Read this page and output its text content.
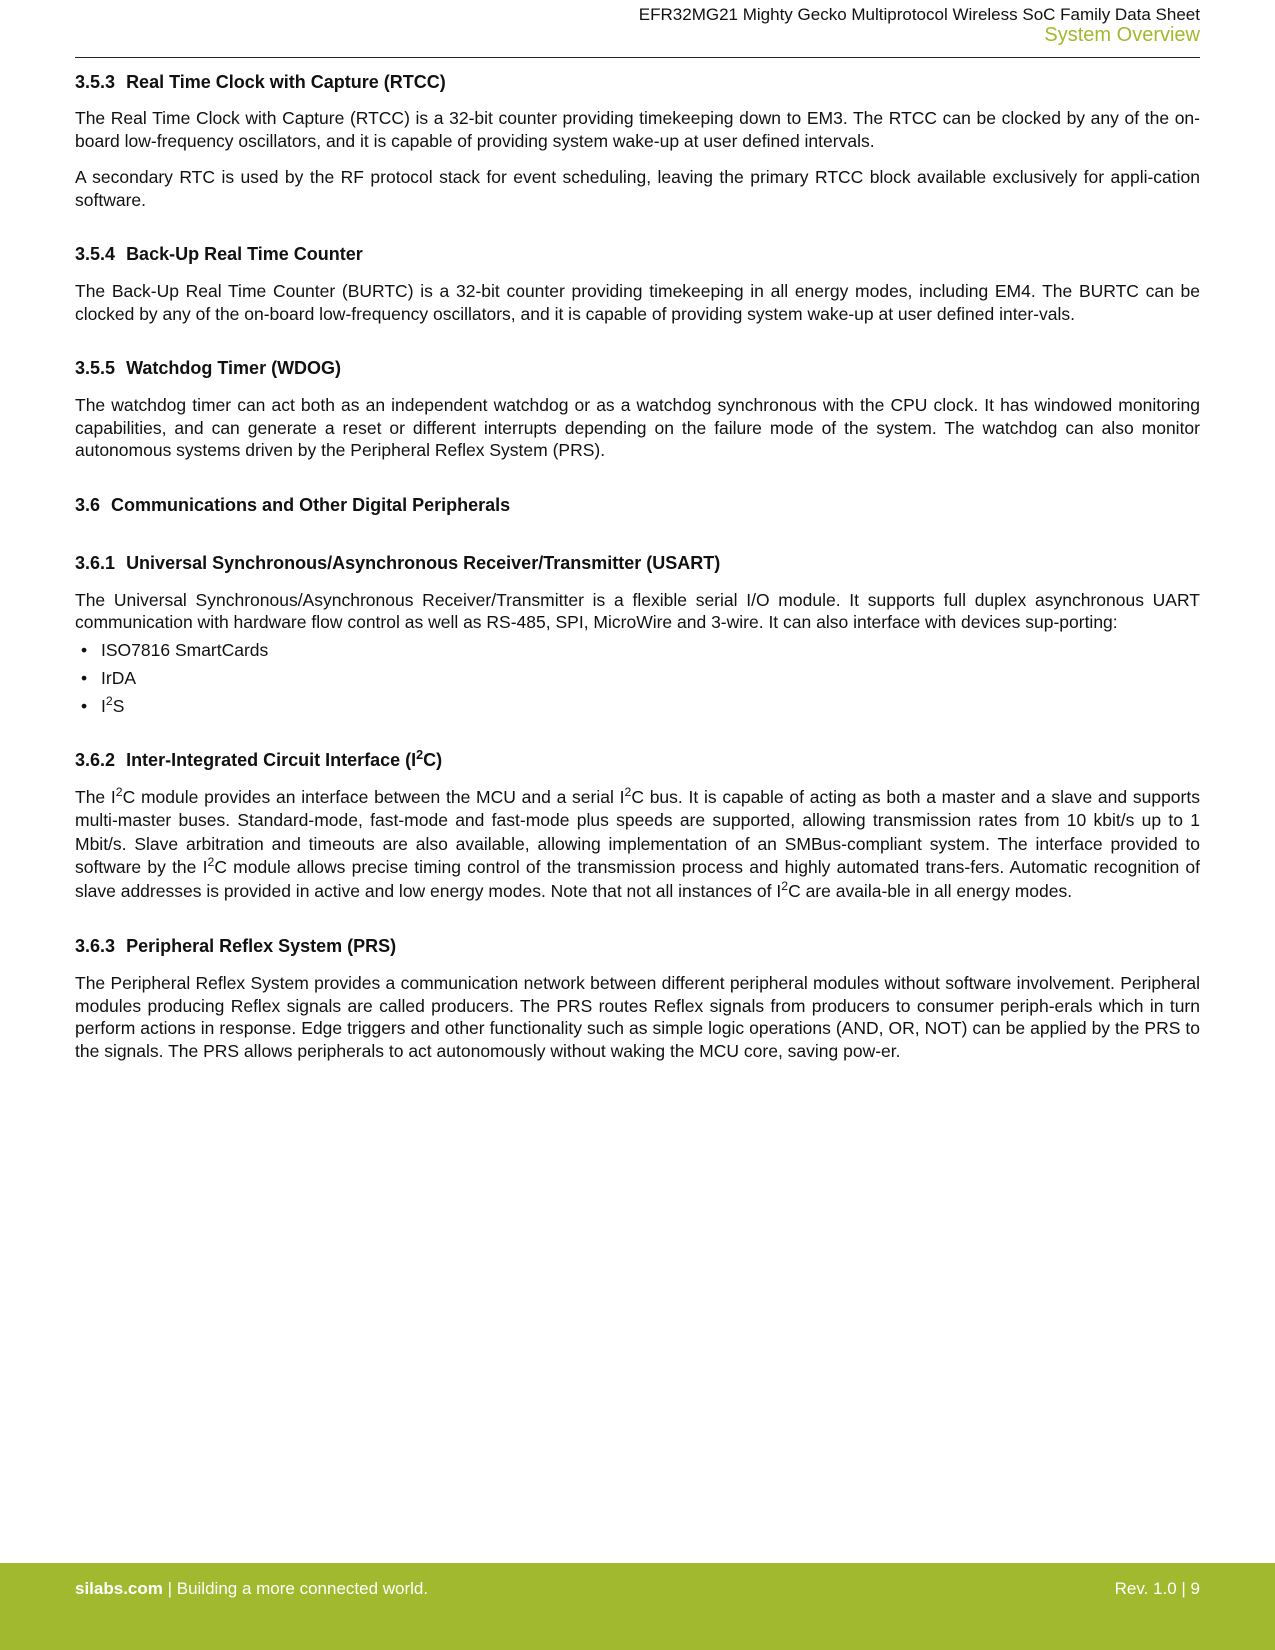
EFR32MG21 Mighty Gecko Multiprotocol Wireless SoC Family Data Sheet
System Overview
3.5.3 Real Time Clock with Capture (RTCC)

The Real Time Clock with Capture (RTCC) is a 32-bit counter providing timekeeping down to EM3. The RTCC can be clocked by any of the on-board low-frequency oscillators, and it is capable of providing system wake-up at user defined intervals.

A secondary RTC is used by the RF protocol stack for event scheduling, leaving the primary RTCC block available exclusively for appli-cation software.

3.5.4 Back-Up Real Time Counter

The Back-Up Real Time Counter (BURTC) is a 32-bit counter providing timekeeping in all energy modes, including EM4. The BURTC can be clocked by any of the on-board low-frequency oscillators, and it is capable of providing system wake-up at user defined inter-vals.

3.5.5 Watchdog Timer (WDOG)

The watchdog timer can act both as an independent watchdog or as a watchdog synchronous with the CPU clock. It has windowed monitoring capabilities, and can generate a reset or different interrupts depending on the failure mode of the system. The watchdog can also monitor autonomous systems driven by the Peripheral Reflex System (PRS).

3.6 Communications and Other Digital Peripherals
3.6.1 Universal Synchronous/Asynchronous Receiver/Transmitter (USART)

The Universal Synchronous/Asynchronous Receiver/Transmitter is a flexible serial I/O module. It supports full duplex asynchronous UART communication with hardware flow control as well as RS-485, SPI, MicroWire and 3-wire. It can also interface with devices sup-porting:

• ISO7816 SmartCards
• IrDA
• $I^2S$
3.6.2 Inter-Integrated Circuit Interface $(I^2C)$

The $I^2C$ module provides an interface between the MCU and a serial $I^2C$ bus. It is capable of acting as both a master and a slave and supports multi-master buses. Standard-mode, fast-mode and fast-mode plus speeds are supported, allowing transmission rates from 10 kbit/s up to 1 Mbit/s. Slave arbitration and timeouts are also available, allowing implementation of an SMBus-compliant system. The interface provided to software by the $I^2C$ module allows precise timing control of the transmission process and highly automated trans-fers. Automatic recognition of slave addresses is provided in active and low energy modes. Note that not all instances of $I^2C$ are availa-ble in all energy modes.

3.6.3 Peripheral Reflex System (PRS)

The Peripheral Reflex System provides a communication network between different peripheral modules without software involvement. Peripheral modules producing Reflex signals are called producers. The PRS routes Reflex signals from producers to consumer periph-erals which in turn perform actions in response. Edge triggers and other functionality such as simple logic operations (AND, OR, NOT) can be applied by the PRS to the signals. The PRS allows peripherals to act autonomously without waking the MCU core, saving pow-er.

silabs.com | Building a more connected world.	Rev. 1.0 | 9
